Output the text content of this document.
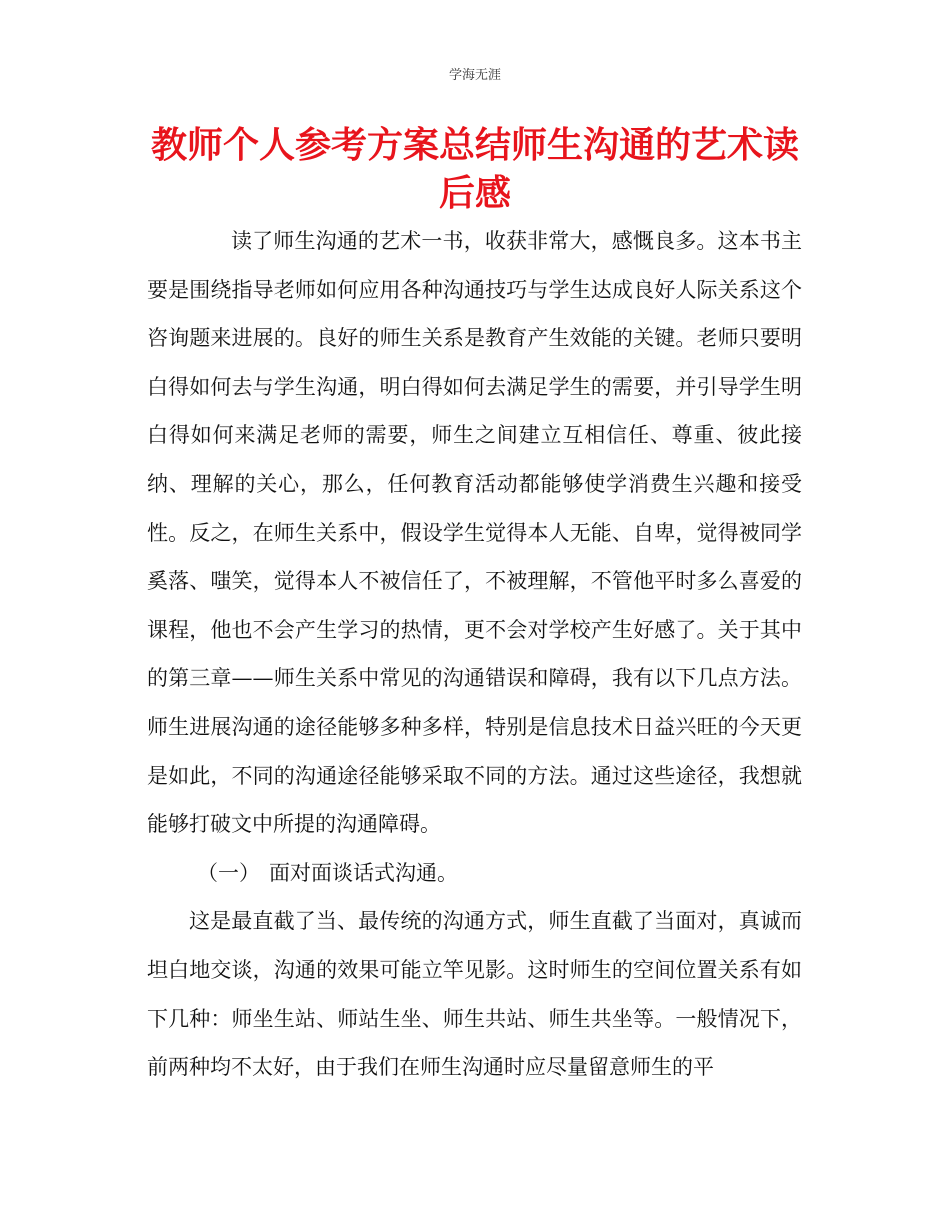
学海无涯
教师个人参考方案总结师生沟通的艺术读后感

读了师生沟通的艺术一书，收获非常大，感慨良多。这本书主要是围绕指导老师如何应用各种沟通技巧与学生达成良好人际关系这个咨询题来进展的。良好的师生关系是教育产生效能的关键。老师只要明白得如何去与学生沟通，明白得如何去满足学生的需要，并引导学生明白得如何来满足老师的需要，师生之间建立互相信任、尊重、彼此接纳、理解的关心，那么，任何教育活动都能够使学消费生兴趣和接受性。反之，在师生关系中，假设学生觉得本人无能、自卑，觉得被同学奚落、嗤笑，觉得本人不被信任了，不被理解，不管他平时多么喜爱的课程，他也不会产生学习的热情，更不会对学校产生好感了。关于其中的第三章——师生关系中常见的沟通错误和障碍，我有以下几点方法。师生进展沟通的途径能够多种多样，特别是信息技术日益兴旺的今天更是如此，不同的沟通途径能够采取不同的方法。通过这些途径，我想就能够打破文中所提的沟通障碍。

（一） 面对面谈话式沟通。

这是最直截了当、最传统的沟通方式，师生直截了当面对，真诚而坦白地交谈，沟通的效果可能立竿见影。这时师生的空间位置关系有如下几种：师坐生站、师站生坐、师生共站、师生共坐等。一般情况下，前两种均不太好，由于我们在师生沟通时应尽量留意师生的平
